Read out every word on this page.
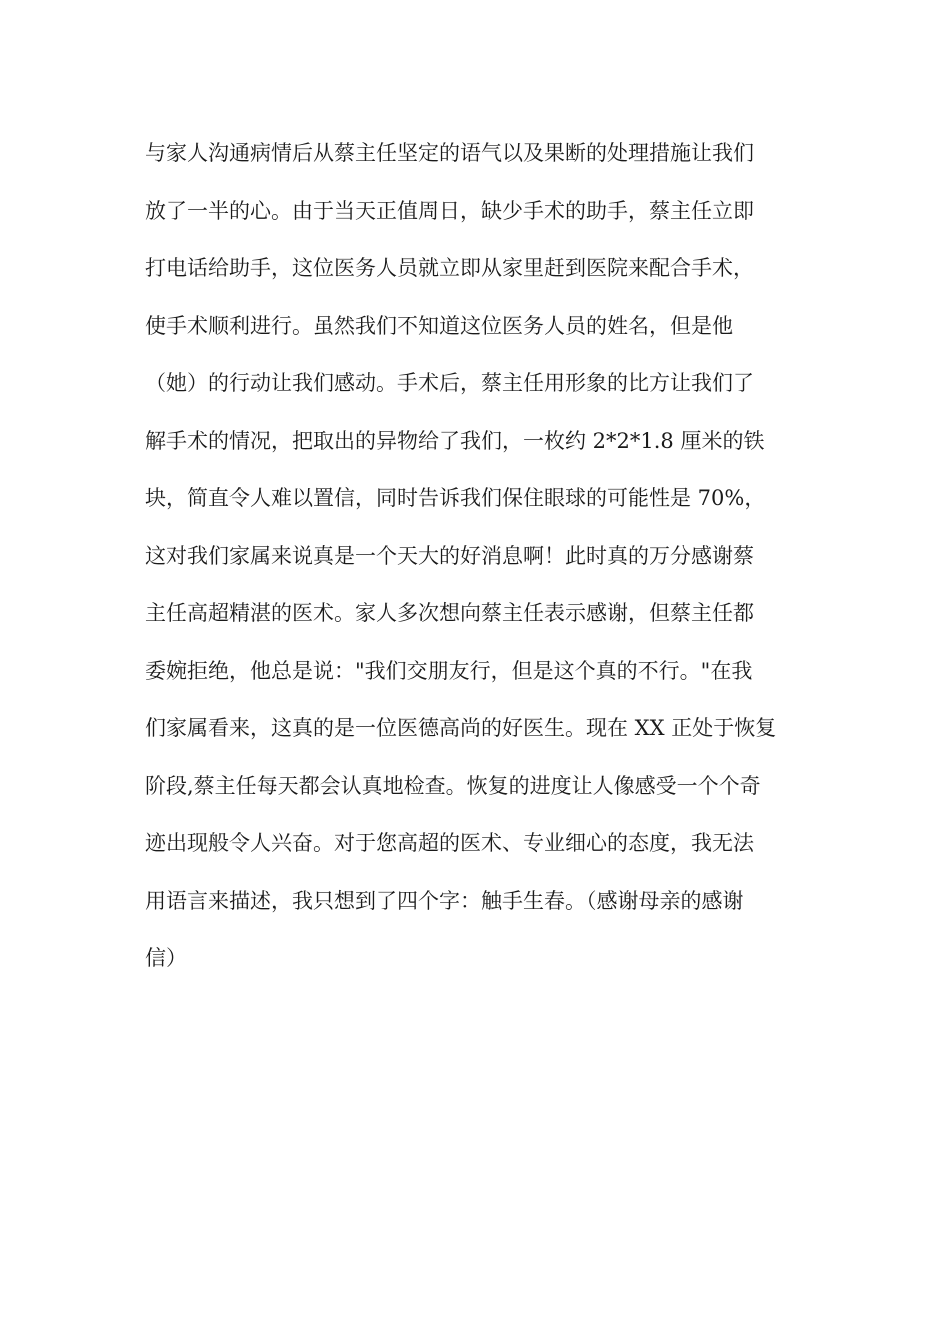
与家人沟通病情后从蔡主任坚定的语气以及果断的处理措施让我们
放了一半的心。由于当天正值周日，缺少手术的助手，蔡主任立即
打电话给助手，这位医务人员就立即从家里赶到医院来配合手术，
使手术顺利进行。虽然我们不知道这位医务人员的姓名，但是他
（她）的行动让我们感动。手术后，蔡主任用形象的比方让我们了
解手术的情况，把取出的异物给了我们，一枚约 2*2*1.8 厘米的铁
块，简直令人难以置信，同时告诉我们保住眼球的可能性是 70%，
这对我们家属来说真是一个天大的好消息啊！此时真的万分感谢蔡
主任高超精湛的医术。家人多次想向蔡主任表示感谢，但蔡主任都
委婉拒绝，他总是说："我们交朋友行，但是这个真的不行。"在我
们家属看来，这真的是一位医德高尚的好医生。现在 XX 正处于恢复
阶段,蔡主任每天都会认真地检查。恢复的进度让人像感受一个个奇
迹出现般令人兴奋。对于您高超的医术、专业细心的态度，我无法
用语言来描述，我只想到了四个字：触手生春。（感谢母亲的感谢
信）
